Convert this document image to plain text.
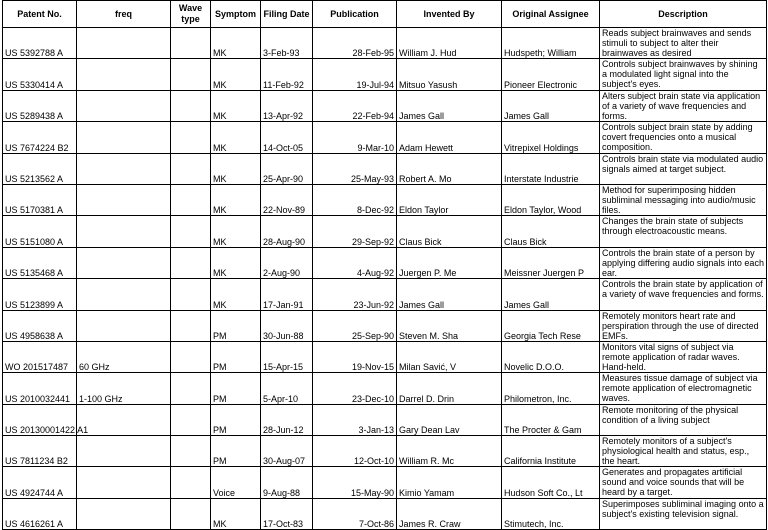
Patent No.	freq	Wave type	Symptom	Filing Date	Publication	Invented By	Original Assignee	Description
US 5392788 A			MK	3-Feb-93	28-Feb-95	William J. Hud	Hudspeth; William	Reads subject brainwaves and sends stimuli to subject to alter their brainwaves as desired
US 5330414 A			MK	11-Feb-92	19-Jul-94	Mitsuo Yasush	Pioneer Electronic	Controls subject brainwaves by shining a modulated light signal into the subject's eyes.
US 5289438 A			MK	13-Apr-92	22-Feb-94	James Gall	James Gall	Alters subject brain state via application of a variety of wave frequencies and forms.
US 7674224 B2			MK	14-Oct-05	9-Mar-10	Adam Hewett	Vitrepixel Holdings	Controls subject brain state by adding covert frequencies onto a musical composition.
US 5213562 A			MK	25-Apr-90	25-May-93	Robert A. Mo	Interstate Industrie	Controls brain state via modulated audio signals aimed at target subject.
US 5170381 A			MK	22-Nov-89	8-Dec-92	Eldon Taylor	Eldon Taylor, Wood	Method for superimposing hidden subliminal messaging into audio/music files.
US 5151080 A			MK	28-Aug-90	29-Sep-92	Claus Bick	Claus Bick	Changes the brain state of subjects through electroacoustic means.
US 5135468 A			MK	2-Aug-90	4-Aug-92	Juergen P. Me	Meissner Juergen P	Controls the brain state of a person by applying differing audio signals into each ear.
US 5123899 A			MK	17-Jan-91	23-Jun-92	James Gall	James Gall	Controls the brain state by application of a variety of wave frequencies and forms.
US 4958638 A			PM	30-Jun-88	25-Sep-90	Steven M. Sha	Georgia Tech Rese	Remotely monitors heart rate and perspiration through the use of directed EMFs.
WO 201517487	60 GHz		PM	15-Apr-15	19-Nov-15	Milan Savić, V	Novelic D.O.O.	Monitors vital signs of subject via remote application of radar waves. Hand-held.
US 2010032441	1-100 GHz		PM	5-Apr-10	23-Dec-10	Darrel D. Drin	Philometron, Inc.	Measures tissue damage of subject via remote application of electromagnetic waves.
US 20130001422 A1			PM	28-Jun-12	3-Jan-13	Gary Dean Lav	The Procter & Gam	Remote monitoring of the physical condition of a living subject
US 7811234 B2			PM	30-Aug-07	12-Oct-10	William R. Mc	California Institute	Remotely monitors of a subject's physiological health and status, esp., the heart.
US 4924744 A			Voice	9-Aug-88	15-May-90	Kimio Yamam	Hudson Soft Co., Lt	Generates and propagates artificial sound and voice sounds that will be heard by a target.
US 4616261 A			MK	17-Oct-83	7-Oct-86	James R. Craw	Stimutech, Inc.	Superimposes subliminal imaging onto a subject's existing television signal.
